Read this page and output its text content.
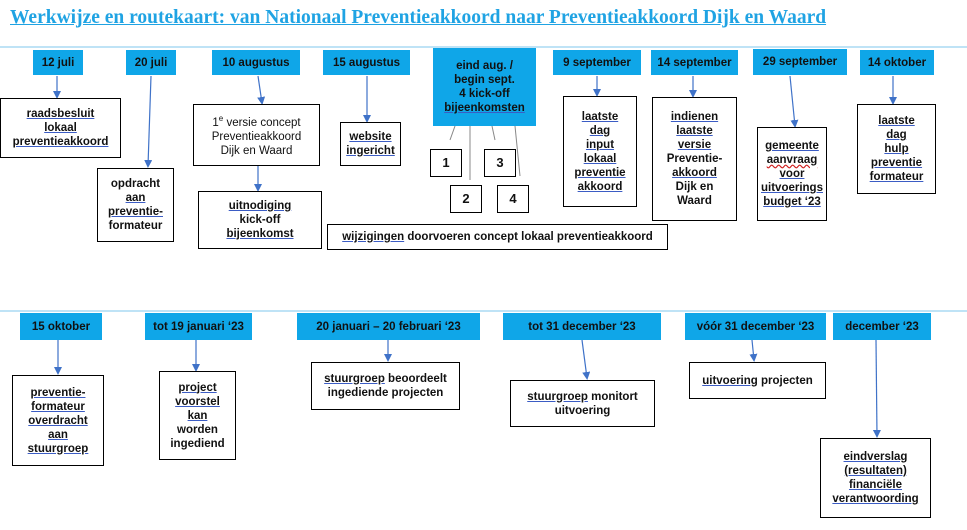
Werkwijze en routekaart: van Nationaal Preventieakkoord naar Preventieakkoord Dijk en Waard
12 juli	20 juli	10 augustus	15 augustus	eind aug. /
begin sept.
4 kick-off
bijeenkomsten
9 september 14 september	29 september	14 oktober
raadsbesluit
lokaal
preventieakkoord
opdracht
aan
preventie-
formateur
1e versie concept
Preventieakkoord
Dijk en Waard
uitnodiging
kick-off
bijeenkomst
website
ingericht
1
2
3
4
wijzigingen doorvoeren concept lokaal preventieakkoord
laatste
dag
input
lokaal
preventie
akkoord
indienen
laatste
versie
Preventie-
akkoord
Dijk en
Waard
gemeente
aanvraag
voor
uitvoerings
budget ‘23
laatste
dag
hulp
preventie
formateur
15 oktober	tot 19 januari ‘23	20 januari – 20 februari ‘23	tot 31 december ‘23	vóór 31 december ‘23	december ‘23
preventie-
formateur
overdracht
aan
stuurgroep
project
voorstel
kan
worden
ingediend
stuurgroep beoordeelt
ingediende projecten	stuurgroep monitort
uitvoering
uitvoering projecten
eindverslag
(resultaten)
financiële
verantwoording
